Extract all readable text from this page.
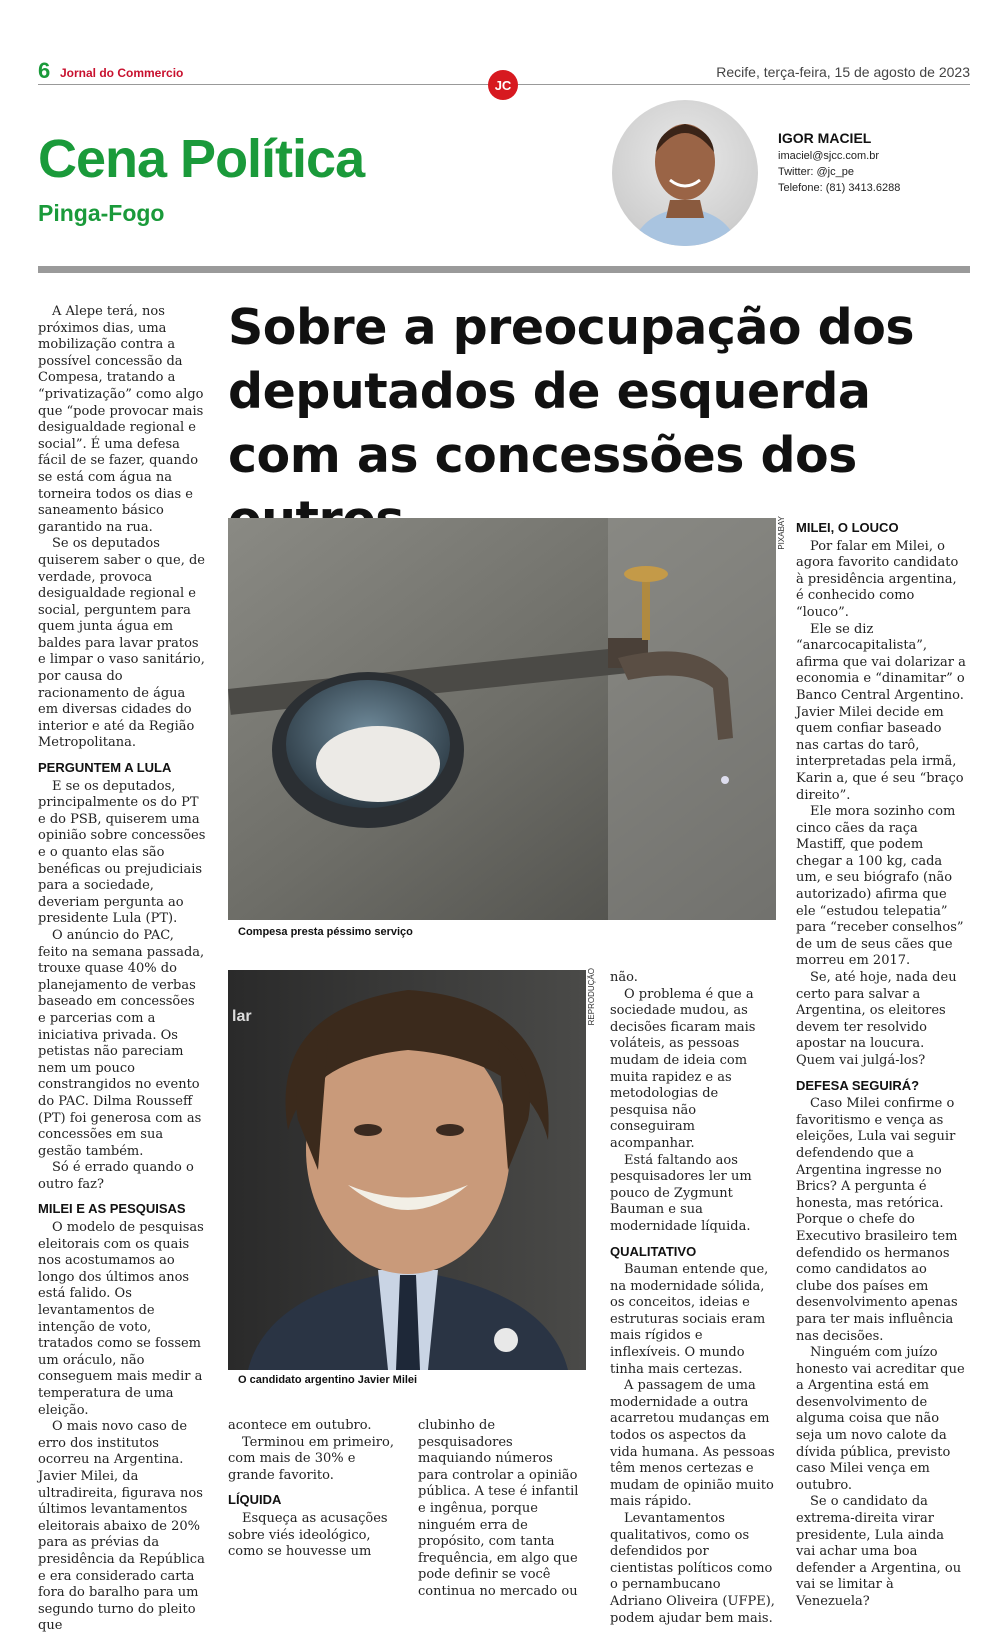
6 Jornal do Commercio	Recife, terça-feira, 15 de agosto de 2023
JC
Cena Política
Pinga-Fogo
IGOR MACIEL
imaciel@sjcc.com.br
Twitter: @jc_pe
Telefone: (81) 3413.6288
Sobre a preocupação dos deputados de esquerda com as concessões dos

A Alepe terá, nos próximos dias, uma mobilização contra a possível concessão da Compesa, tratando a “privatização” como algo que “pode provocar mais desigualdade regional e social”. É uma defesa fácil de se fazer, quando se está com água na torneira todos os dias e saneamento básico garantido na rua.

Se os deputados quiserem saber o que, de verdade, provoca desigualdade regional e social, perguntem para quem junta água em baldes para lavar pratos e limpar o vaso sanitário, por causa do racionamento de água em diversas cidades do interior e até da Região Metropolitana.

PERGUNTEM A LULA

E se os deputados, principalmente os do PT e do PSB, quiserem uma opinião sobre concessões e o quanto elas são benéficas ou prejudiciais para a sociedade, deveriam pergunta ao presidente Lula (PT).

O anúncio do PAC, feito na semana passada, trouxe quase 40% do planejamento de verbas baseado em concessões e parcerias com a iniciativa privada. Os petistas não pareciam nem um pouco constrangidos no evento do PAC. Dilma Rousseff (PT) foi generosa com as concessões em sua gestão também.

Só é errado quando o outro faz?

MILEI E AS PESQUISAS

O modelo de pesquisas eleitorais com os quais nos acostumamos ao longo dos últimos anos está falido. Os levantamentos de intenção de voto, tratados como se fossem um oráculo, não conseguem mais medir a temperatura de uma eleição.

O mais novo caso de erro dos institutos ocorreu na Argentina. Javier Milei, da ultradireita, figurava nos últimos levantamentos eleitorais abaixo de 20% para as prévias da presidência da República e era considerado carta fora do baralho para um segundo turno do pleito que

Compesa presta péssimo serviço
PIXABAY MILEI, O LOUCO

Por falar em Milei, o agora favorito candidato à presidência argentina, é conhecido como “louco”.

Ele se diz “anarcocapitalista”, afirma que vai dolarizar a economia e “dinamitar” o Banco Central Argentino. Javier Milei decide em quem confiar baseado nas cartas do tarô, interpretadas pela irmã, Karin a, que é seu “braço direito”.

Ele mora sozinho com cinco cães da raça Mastiff, que podem chegar a 100 kg, cada um, e seu biógrafo (não autorizado) afirma que ele “estudou telepatia” para “receber conselhos” de um de seus cães que morreu em 2017.

Se, até hoje, nada deu certo para salvar a Argentina, os eleitores devem ter resolvido apostar na loucura. Quem vai julgá-los?

DEFESA SEGUIRÁ?

Caso Milei confirme o favoritismo e vença as eleições, Lula vai seguir defendendo que a Argentina ingresse no Brics? A pergunta é honesta, mas retórica. Porque o chefe do Executivo brasileiro tem defendido os hermanos como candidatos ao clube dos países em desenvolvimento apenas para ter mais influência nas decisões.

Ninguém com juízo honesto vai acreditar que a Argentina está em desenvolvimento de alguma coisa que não seja um novo calote da dívida pública, previsto caso Milei vença em outubro.

Se o candidato da extrema-direita virar presidente, Lula ainda vai achar uma boa defender a Argentina, ou vai se limitar à Venezuela?

lar
O candidato argentino Javier Milei
REPRODUÇÃO não.

O problema é que a sociedade mudou, as decisões ficaram mais voláteis, as pessoas mudam de ideia com muita rapidez e as metodologias de pesquisa não conseguiram acompanhar.

Está faltando aos pesquisadores ler um pouco de Zygmunt Bauman e sua modernidade líquida.

QUALITATIVO

Bauman entende que, na modernidade sólida, os conceitos, ideias e estruturas sociais eram mais rígidos e inflexíveis. O mundo tinha mais certezas.

A passagem de uma modernidade a outra acarretou mudanças em todos os aspectos da vida humana. As pessoas têm menos certezas e mudam de opinião muito mais rápido.

Levantamentos qualitativos, como os defendidos por cientistas políticos como o pernambucano Adriano Oliveira (UFPE), podem ajudar bem mais.

acontece em outubro.

Terminou em primeiro, com mais de 30% e grande favorito.

LÍQUIDA

Esqueça as acusações sobre viés ideológico, como se houvesse um

clubinho de pesquisadores maquiando números para controlar a opinião pública. A tese é infantil e ingênua, porque ninguém erra de propósito, com tanta frequência, em algo que pode definir se você continua no mercado ou
